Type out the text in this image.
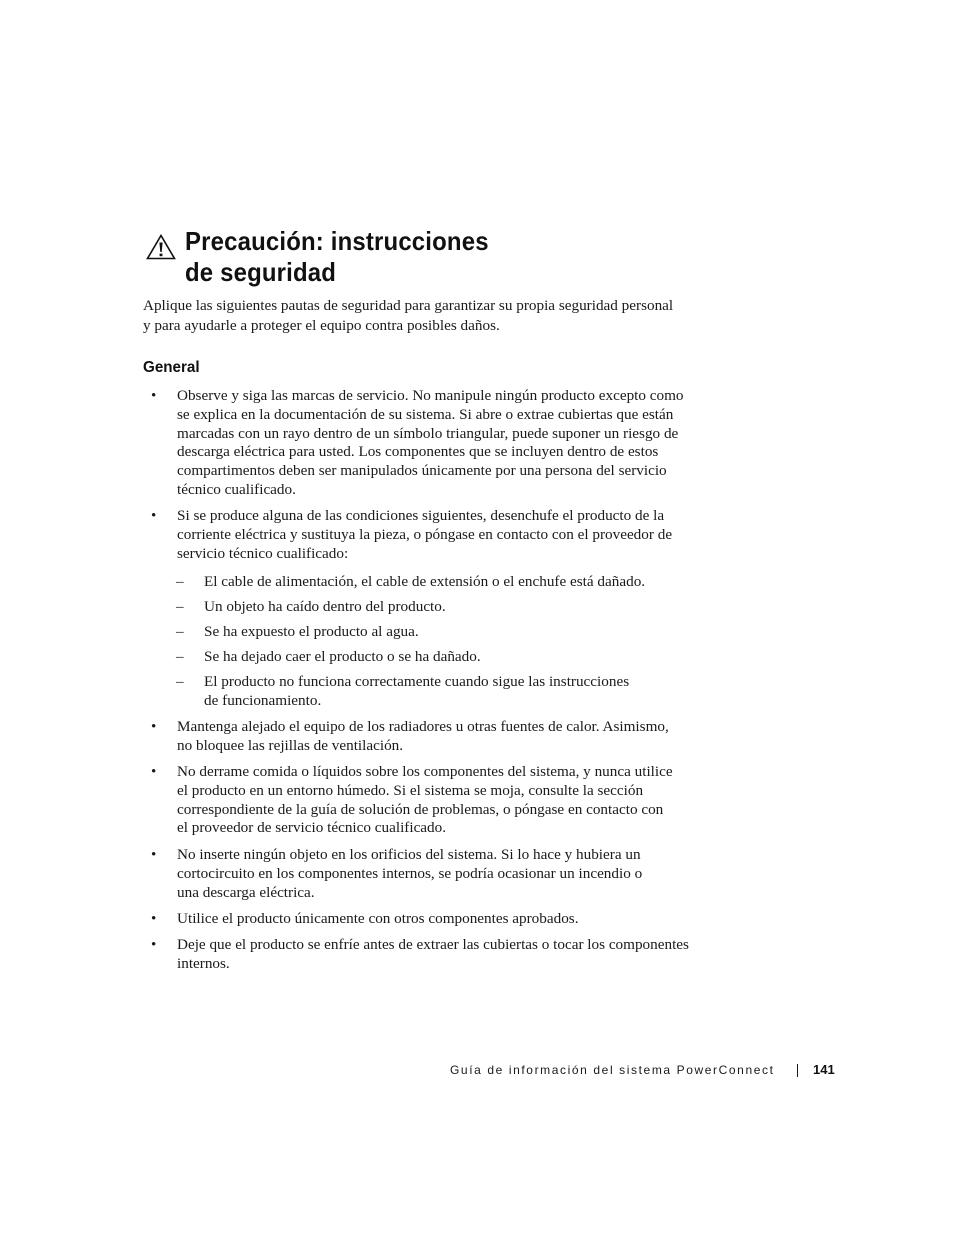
Precaución: instrucciones
de seguridad

Aplique las siguientes pautas de seguridad para garantizar su propia seguridad personal
y para ayudarle a proteger el equipo contra posibles daños.

General
• Observe y siga las marcas de servicio. No manipule ningún producto excepto como
se explica en la documentación de su sistema. Si abre o extrae cubiertas que están
marcadas con un rayo dentro de un símbolo triangular, puede suponer un riesgo de
descarga eléctrica para usted. Los componentes que se incluyen dentro de estos
compartimentos deben ser manipulados únicamente por una persona del servicio
técnico cualificado.
• Si se produce alguna de las condiciones siguientes, desenchufe el producto de la
corriente eléctrica y sustituya la pieza, o póngase en contacto con el proveedor de
servicio técnico cualificado:
– El cable de alimentación, el cable de extensión o el enchufe está dañado.
– Un objeto ha caído dentro del producto.
– Se ha expuesto el producto al agua.
– Se ha dejado caer el producto o se ha dañado.
– El producto no funciona correctamente cuando sigue las instrucciones
de funcionamiento.
• Mantenga alejado el equipo de los radiadores u otras fuentes de calor. Asimismo,
no bloquee las rejillas de ventilación.
• No derrame comida o líquidos sobre los componentes del sistema, y nunca utilice
el producto en un entorno húmedo. Si el sistema se moja, consulte la sección
correspondiente de la guía de solución de problemas, o póngase en contacto con
el proveedor de servicio técnico cualificado.
• No inserte ningún objeto en los orificios del sistema. Si lo hace y hubiera un
cortocircuito en los componentes internos, se podría ocasionar un incendio o
una descarga eléctrica.
• Utilice el producto únicamente con otros componentes aprobados.
• Deje que el producto se enfríe antes de extraer las cubiertas o tocar los componentes
internos.
Guía de información del sistema PowerConnect	141
